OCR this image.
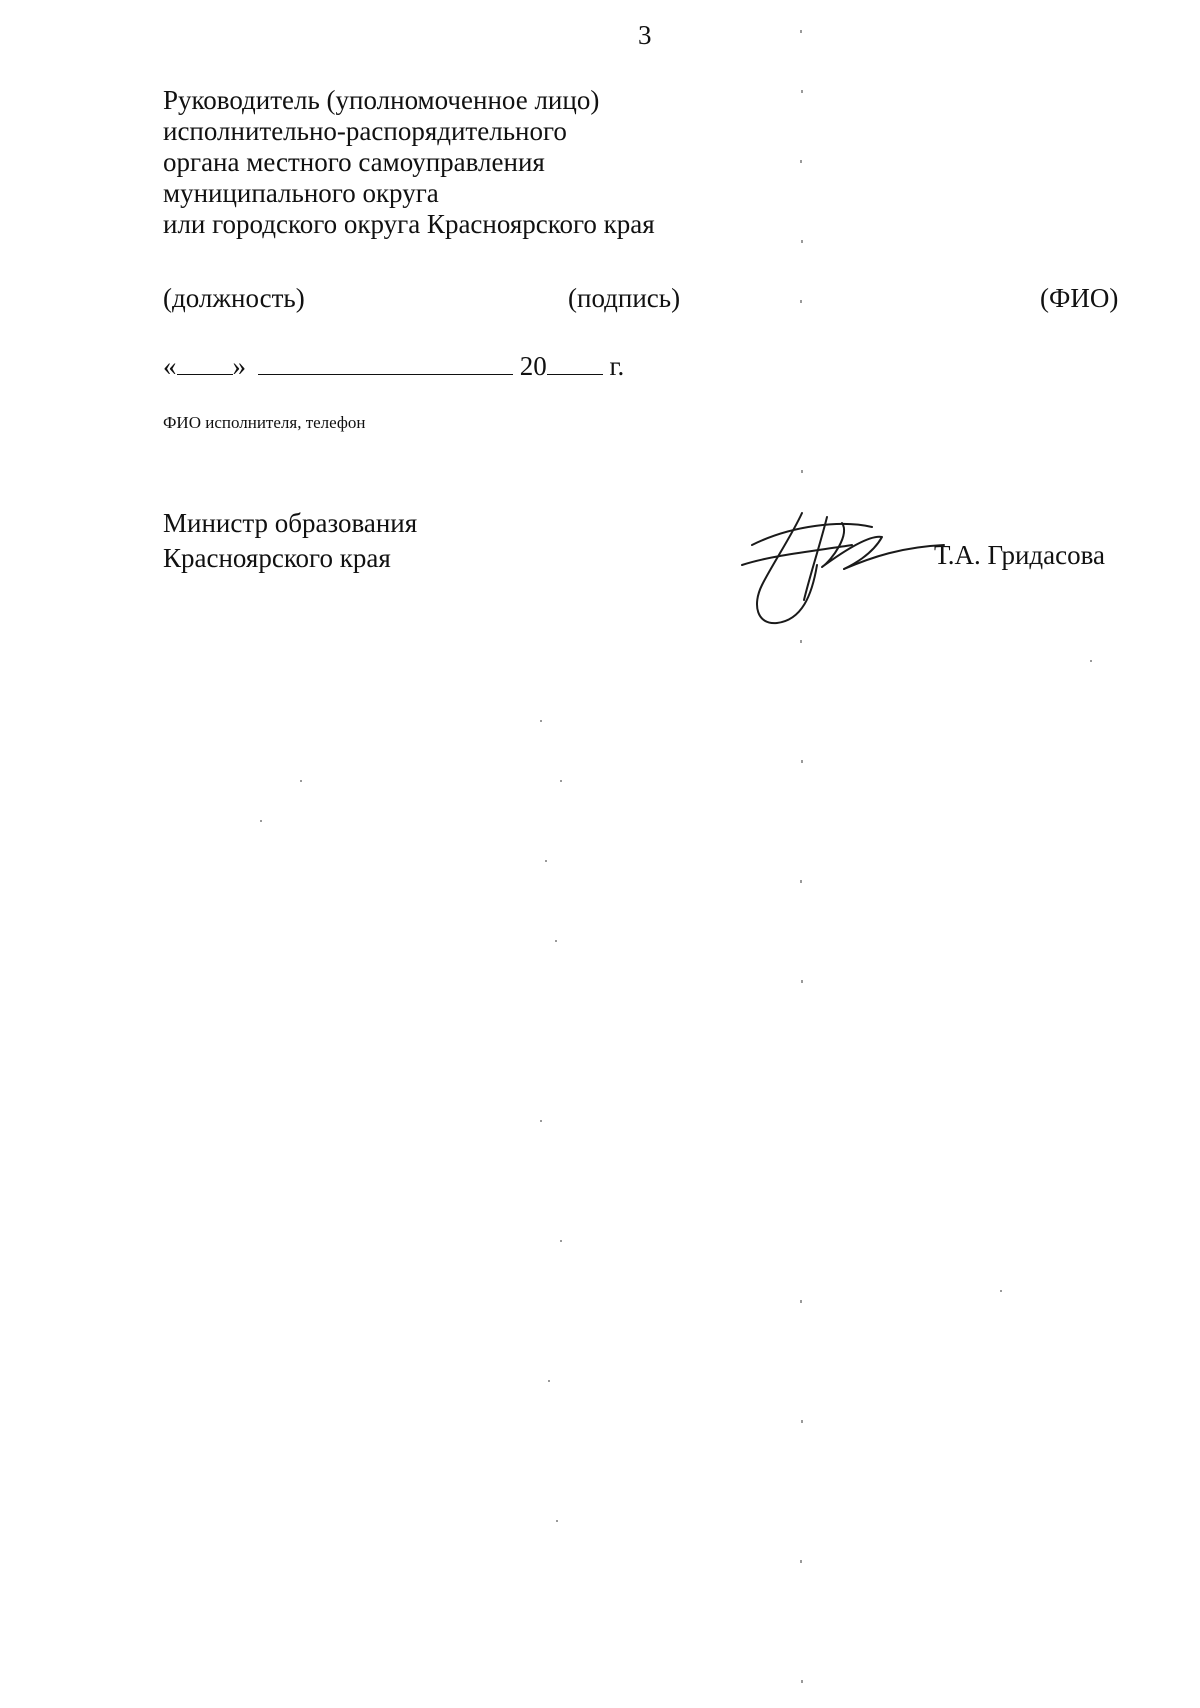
3
Руководитель (уполномоченное лицо)
исполнительно-распорядительного
органа местного самоуправления
муниципального округа
или городского округа Красноярского края
(должность)	(подпись)	(ФИО)
« »	20 г.
ФИО исполнителя, телефон
Министр образования
Красноярского края	Т.А. Гридасова
